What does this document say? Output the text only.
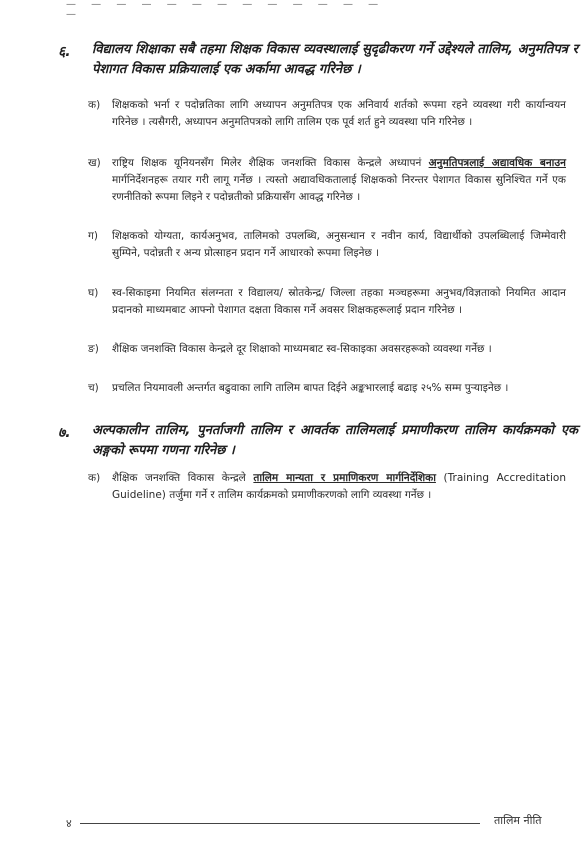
— — — — — — — — — — — — — —
६. विद्यालय शिक्षाका सबै तहमा शिक्षक विकास व्यवस्थालाई सुदृढीकरण गर्ने उद्देश्यले तालिम, अनुमतिपत्र र पेशागत विकास प्रक्रियालाई एक अर्कामा आवद्ध गरिनेछ ।
क) शिक्षकको भर्ना र पदोन्नतिका लागि अध्यापन अनुमतिपत्र एक अनिवार्य शर्तको रूपमा रहने व्यवस्था गरी कार्यान्वयन गरिनेछ । त्यसैगरी, अध्यापन अनुमतिपत्रको लागि तालिम एक पूर्व शर्त हुने व्यवस्था पनि गरिनेछ ।
ख) राष्ट्रिय शिक्षक यूनियनसँग मिलेर शैक्षिक जनशक्ति विकास केन्द्रले अध्यापनं अनुमतिपत्रलाई अद्यावधिक बनाउन मार्गनिर्देशनहरू तयार गरी लागू गर्नेछ । त्यस्तो अद्यावधिकतालाई शिक्षकको निरन्तर पेशागत विकास सुनिश्चित गर्ने एक रणनीतिको रूपमा लिइने र पदोन्नतीको प्रक्रियासँग आवद्ध गरिनेछ ।
ग) शिक्षकको योग्यता, कार्यअनुभव, तालिमको उपलब्धि, अनुसन्धान र नवीन कार्य, विद्यार्थीको उपलब्धिलाई जिम्मेवारी सुम्पिने, पदोन्नती र अन्य प्रोत्साहन प्रदान गर्ने आधारको रूपमा लिइनेछ ।
घ) स्व-सिकाइमा नियमित संलग्नता र विद्यालय/ स्रोतकेन्द्र/ जिल्ला तहका मञ्चहरूमा अनुभव/विज्ञताको नियमित आदान प्रदानको माध्यमबाट आफ्नो पेशागत दक्षता विकास गर्ने अवसर शिक्षकहरूलाई प्रदान गरिनेछ ।
ङ) शैक्षिक जनशक्ति विकास केन्द्रले दूर शिक्षाको माध्यमबाट स्व-सिकाइका अवसरहरूको व्यवस्था गर्नेछ ।
च) प्रचलित नियमावली अन्तर्गत बढुवाका लागि तालिम बापत दिईने अङ्कभारलाई बढाइ २५% सम्म पुऱ्याइनेछ ।
७. अल्पकालीन तालिम, पुनर्ताजगी तालिम र आवर्तक तालिमलाई प्रमाणीकरण तालिम कार्यक्रमको एक अङ्गको रूपमा गणना गरिनेछ ।
क) शैक्षिक जनशक्ति विकास केन्द्रले तालिम मान्यता र प्रमाणिकरण मार्गनिर्देशिका (Training Accreditation Guideline) तर्जुमा गर्ने र तालिम कार्यक्रमको प्रमाणीकरणको लागि व्यवस्था गर्नेछ ।
४	तालिम नीति
